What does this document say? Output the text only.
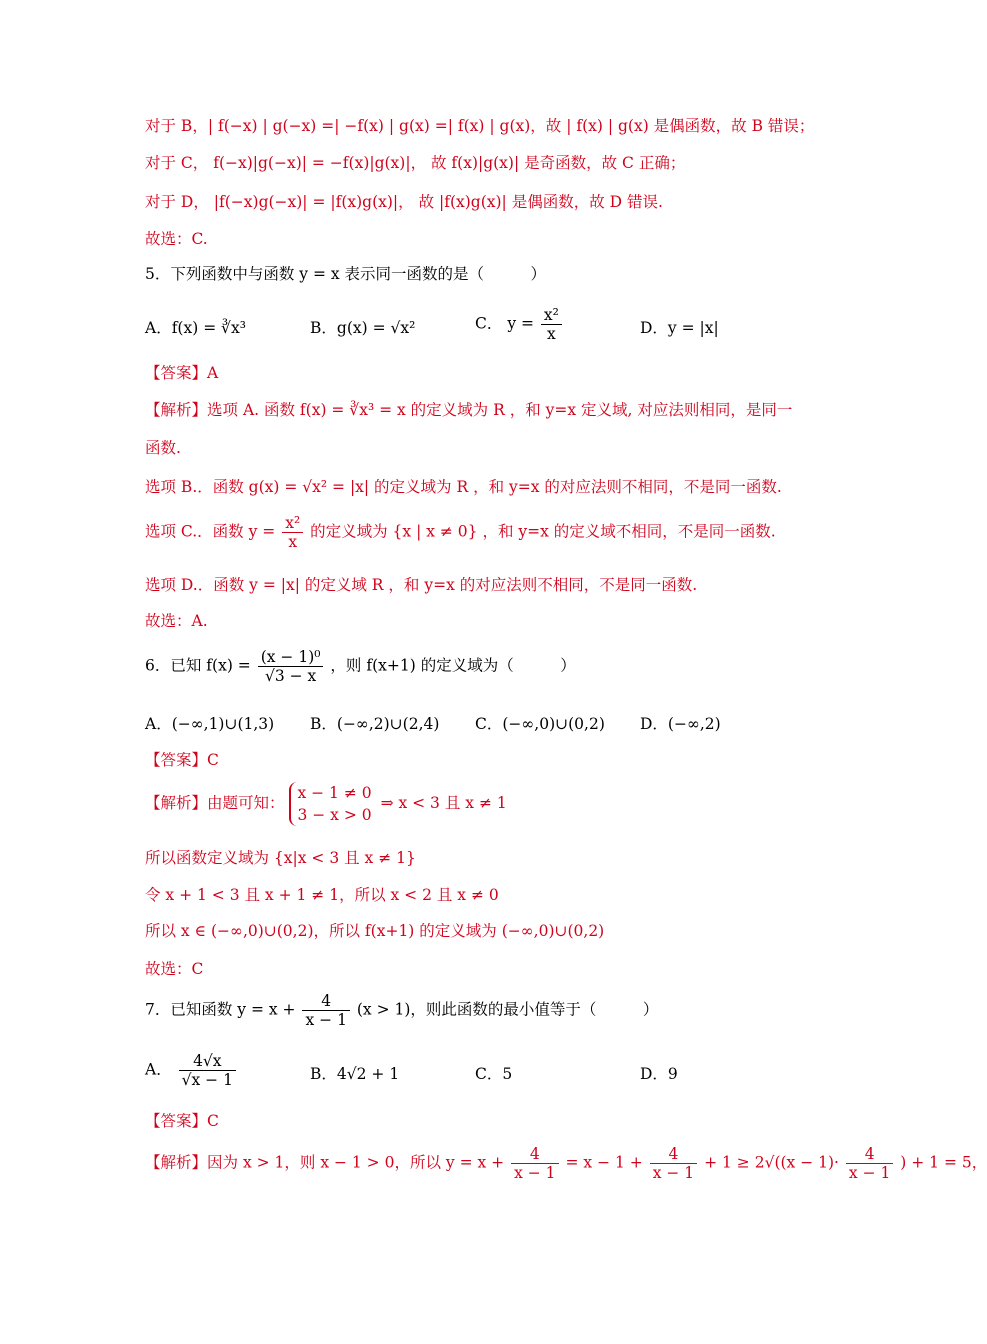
对于 B，| f(−x) | g(−x) =| −f(x) | g(x) =| f(x) | g(x)，故 | f(x) | g(x) 是偶函数，故 B 错误；
对于 C， f(−x)|g(−x)| = −f(x)|g(x)|， 故 f(x)|g(x)| 是奇函数，故 C 正确；
对于 D， |f(−x)g(−x)| = |f(x)g(x)|， 故 |f(x)g(x)| 是偶函数，故 D 错误.
故选：C.
5．下列函数中与函数 y = x 表示同一函数的是（　　　）
A．f(x) = ∛x³	B．g(x) = √x²	C． $y = \frac{\text{x²}}{x}$	D．y = |x|
【答案】A
【解析】选项 A. 函数 f(x) = ∛x³ = x 的定义域为 R ，和 y=x 定义域, 对应法则相同，是同一
函数.
选项 B.．函数 g(x) = √x² = |x| 的定义域为 R ，和 y=x 的对应法则不相同，不是同一函数.
选项 C.．函数 $y = \frac{\text{x²}}{x}$ 的定义域为 {x | x ≠ 0} ，和 y=x 的定义域不相同，不是同一函数.
选项 D.．函数 y = |x| 的定义域 R ，和 y=x 的对应法则不相同，不是同一函数.
故选：A.
6．已知 $f(x) = \frac{\text{(x − 1)⁰}}{√3 - x}$ ，则 f(x+1) 的定义域为（　　　）
A．(−∞,1)∪(1,3) B．(−∞,2)∪(2,4) C．(−∞,0)∪(0,2) D．(−∞,2)
【答案】C
【解析】由题可知：
x − 1 ≠ 0
3 − x > 0
⇒ x < 3 且 x ≠ 1
所以函数定义域为 {x|x < 3 且 x ≠ 1}
令 x + 1 < 3 且 x + 1 ≠ 1，所以 x < 2 且 x ≠ 0
所以 x ∈ (−∞,0)∪(0,2)，所以 f(x+1) 的定义域为 (−∞,0)∪(0,2)
故选：C
7．已知函数 $y = x + \frac{4}{x - 1} (x > 1)$，则此函数的最小值等于（　　　）
A． $\frac{4√x}{√x - 1}$	B．4√2 + 1	C．5	D．9
【答案】C
【解析】因为 x > 1，则 x − 1 > 0，所以 $y = x + \frac{4}{x - 1} = x - 1 + \frac{4}{x - 1} + 1 \ge 2√((x - 1)\cdot \frac{4}{x - 1}$ ) + 1 = 5，
